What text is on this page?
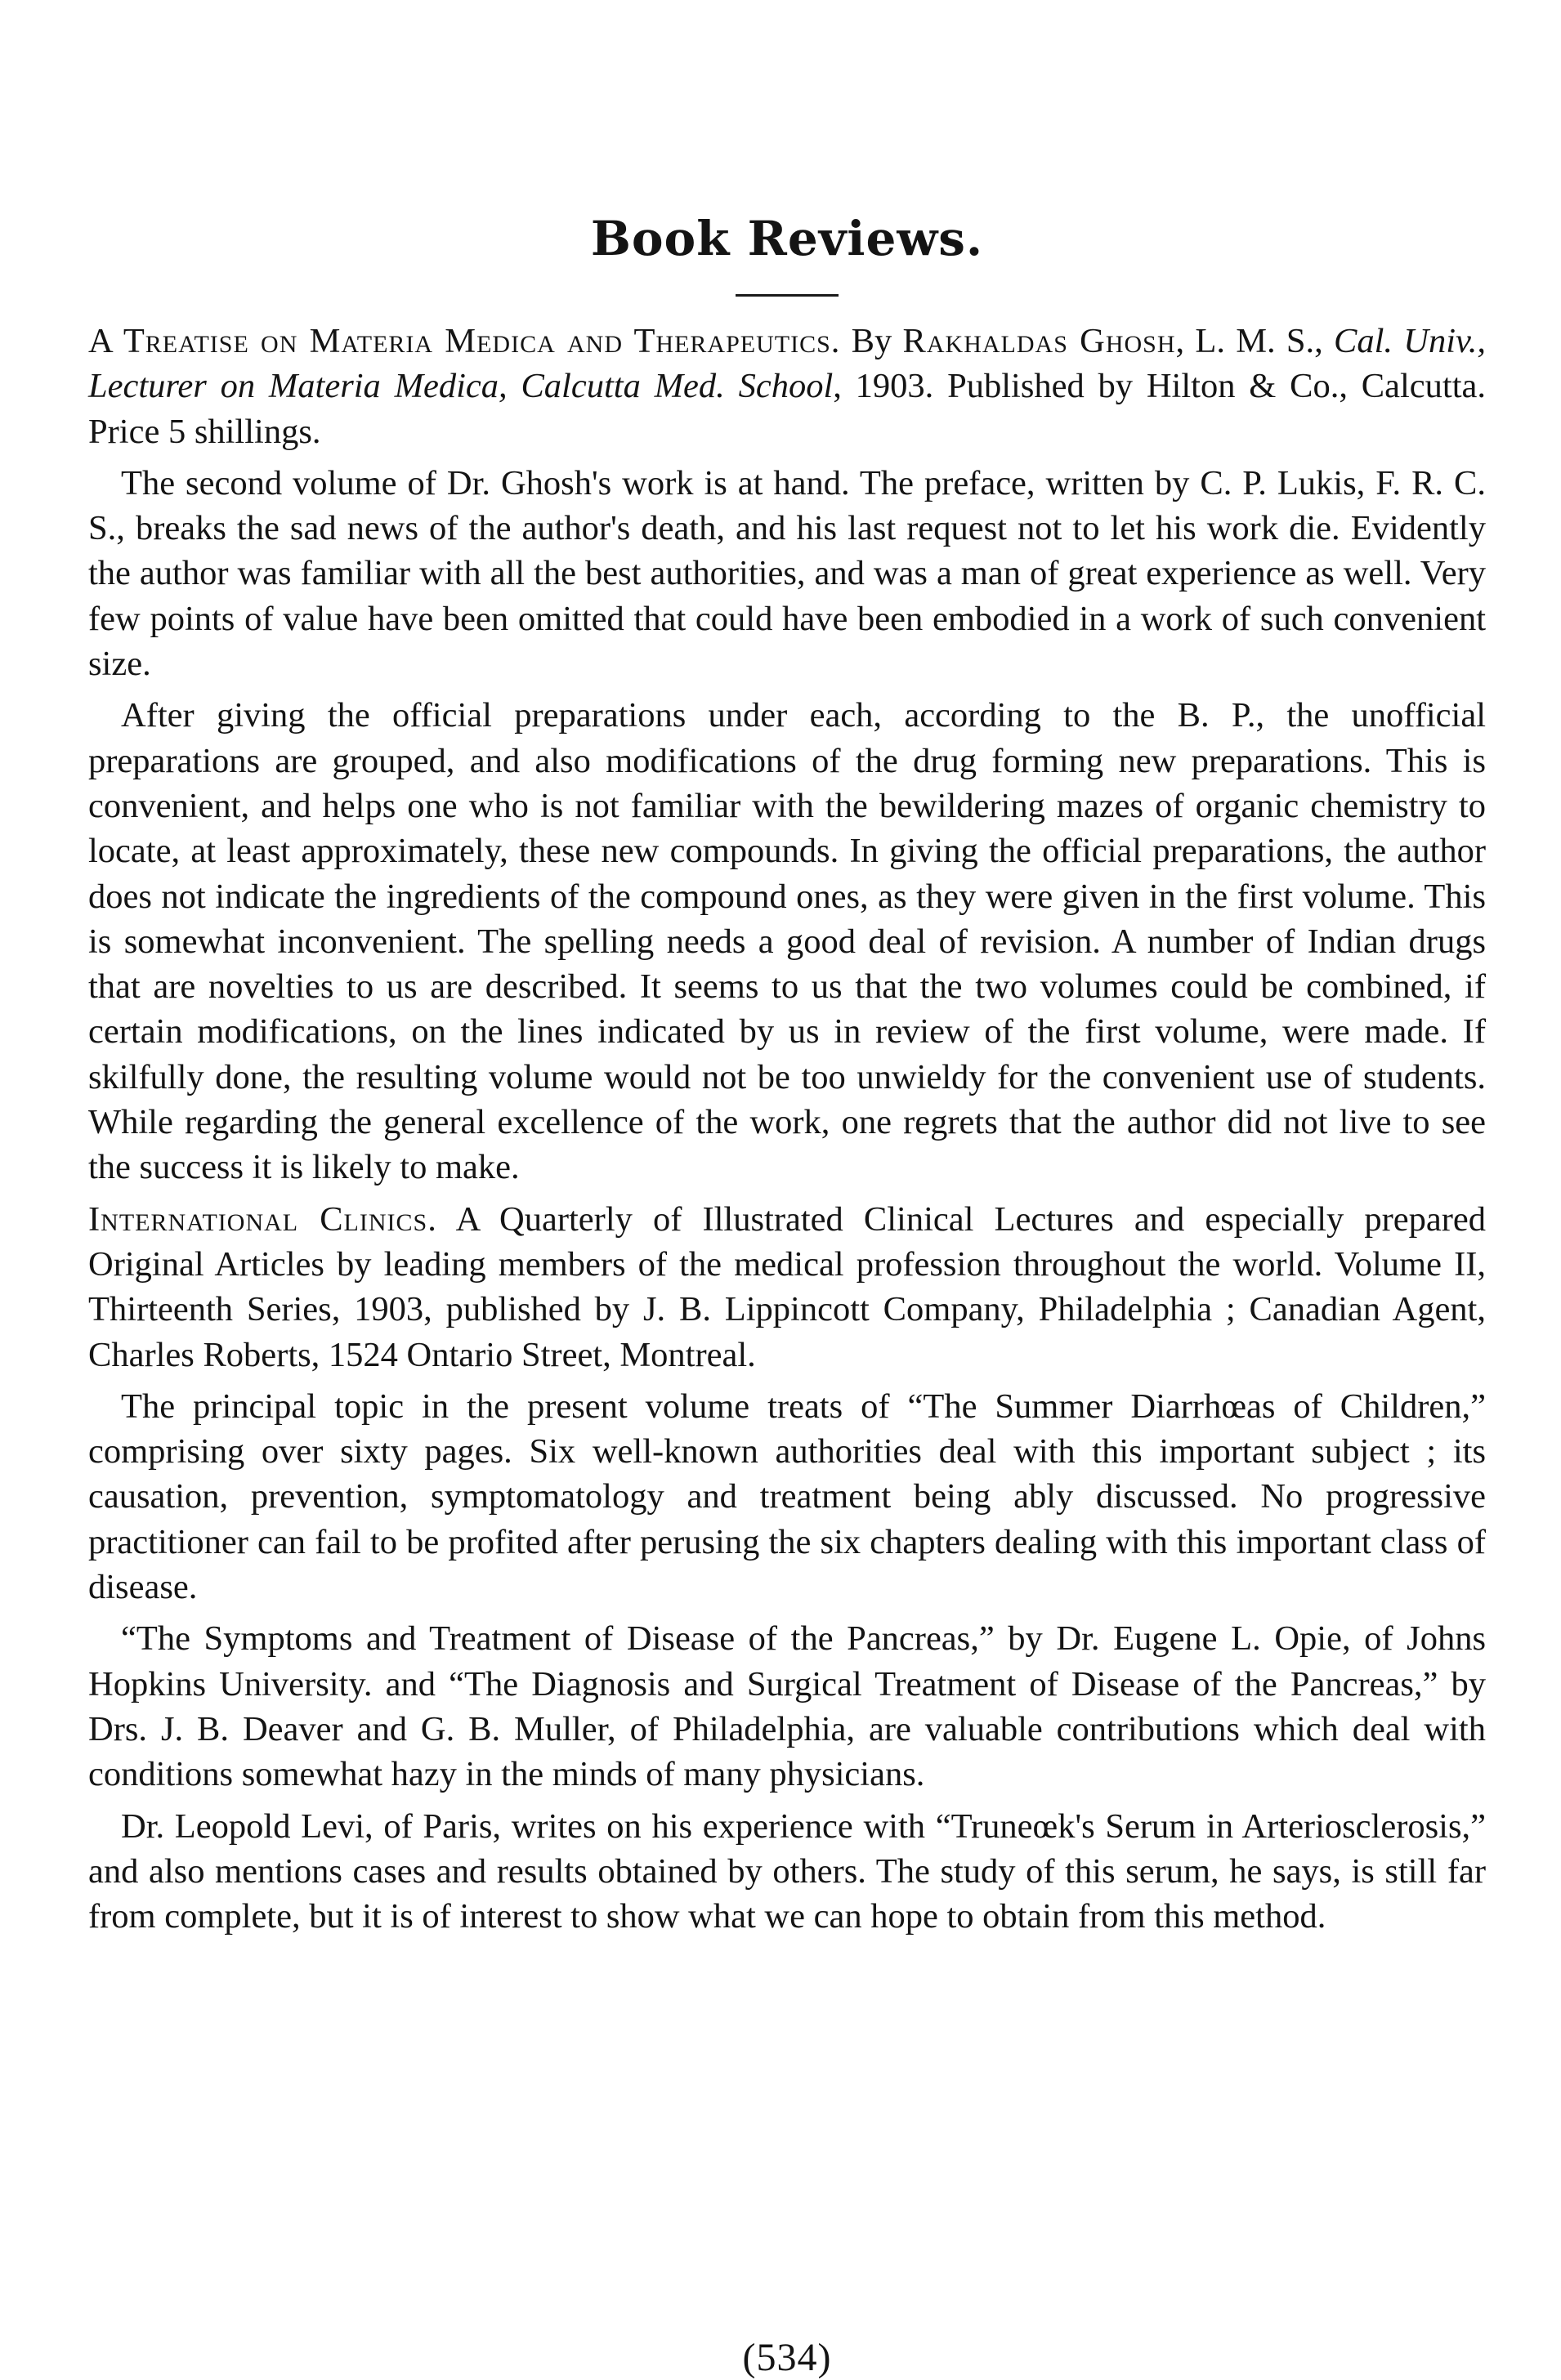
Book Reviews.

A Treatise on Materia Medica and Therapeutics. By Rakhaldas Ghosh, L. M. S., Cal. Univ., Lecturer on Materia Medica, Calcutta Med. School, 1903. Published by Hilton & Co., Calcutta. Price 5 shillings.

The second volume of Dr. Ghosh's work is at hand. The preface, written by C. P. Lukis, F. R. C. S., breaks the sad news of the author's death, and his last request not to let his work die. Evidently the author was familiar with all the best authorities, and was a man of great experience as well. Very few points of value have been omitted that could have been embodied in a work of such convenient size.

After giving the official preparations under each, according to the B. P., the unofficial preparations are grouped, and also modifications of the drug forming new preparations. This is convenient, and helps one who is not familiar with the bewildering mazes of organic chemistry to locate, at least approximately, these new compounds. In giving the official preparations, the author does not indicate the ingredients of the compound ones, as they were given in the first volume. This is somewhat inconvenient. The spelling needs a good deal of revision. A number of Indian drugs that are novelties to us are described. It seems to us that the two volumes could be combined, if certain modifications, on the lines indicated by us in review of the first volume, were made. If skilfully done, the resulting volume would not be too unwieldy for the convenient use of students. While regarding the general excellence of the work, one regrets that the author did not live to see the success it is likely to make.

International Clinics. A Quarterly of Illustrated Clinical Lectures and especially prepared Original Articles by leading members of the medical profession throughout the world. Volume II, Thirteenth Series, 1903, published by J. B. Lippincott Company, Philadelphia ; Canadian Agent, Charles Roberts, 1524 Ontario Street, Montreal.

The principal topic in the present volume treats of “The Summer Diarrhœas of Children,” comprising over sixty pages. Six well-known authorities deal with this important subject ; its causation, prevention, symptomatology and treatment being ably discussed. No progressive practitioner can fail to be profited after perusing the six chapters dealing with this important class of disease.

“The Symptoms and Treatment of Disease of the Pancreas,” by Dr. Eugene L. Opie, of Johns Hopkins University. and “The Diagnosis and Surgical Treatment of Disease of the Pancreas,” by Drs. J. B. Deaver and G. B. Muller, of Philadelphia, are valuable contributions which deal with conditions somewhat hazy in the minds of many physicians.

Dr. Leopold Levi, of Paris, writes on his experience with “Truneœk's Serum in Arteriosclerosis,” and also mentions cases and results obtained by others. The study of this serum, he says, is still far from complete, but it is of interest to show what we can hope to obtain from this method.

(534)
